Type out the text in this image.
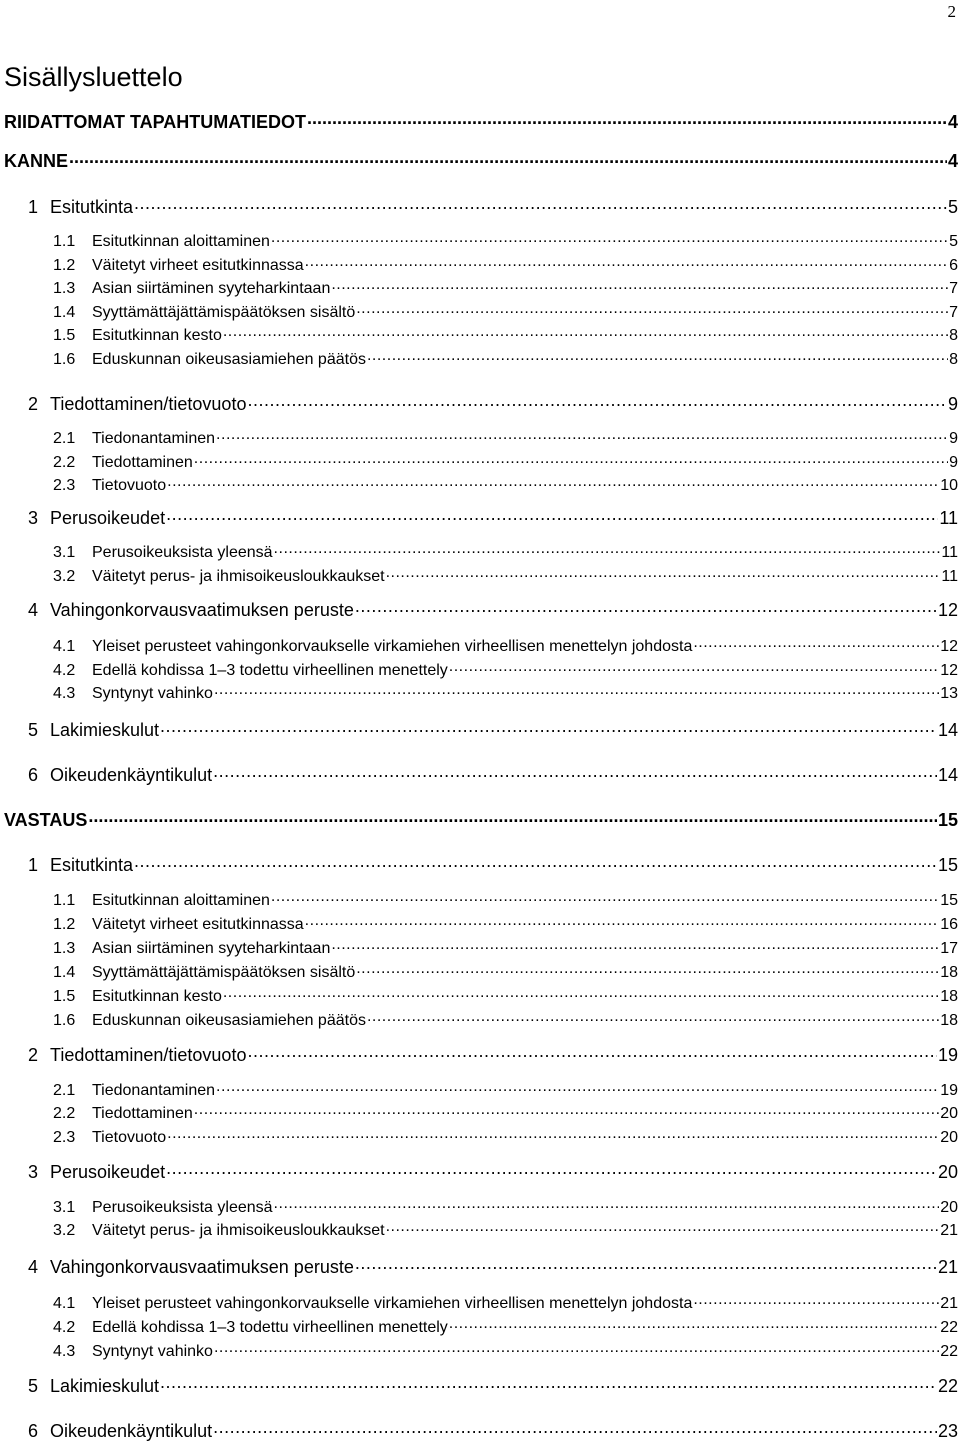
2
Sisällysluettelo
RIIDATTOMAT TAPAHTUMATIEDOT .....	4
KANNE .....	4
1 Esitutkinta .....	5
1.1	Esitutkinnan aloittaminen .....	5
1.2	Väitetyt virheet esitutkinnassa .....	6
1.3	Asian siirtäminen syyteharkintaan .....	7
1.4	Syyttämättäjättämispäätöksen sisältö .....	7
1.5	Esitutkinnan kesto .....	8
1.6	Eduskunnan oikeusasiamiehen päätös .....	8
2 Tiedottaminen/tietovuoto .....	9
2.1	Tiedonantaminen .....	9
2.2	Tiedottaminen .....	9
2.3	Tietovuoto .....	10
3 Perusoikeudet .....	11
3.1	Perusoikeuksista yleensä .....	11
3.2	Väitetyt perus- ja ihmisoikeusloukkaukset .....	11
4 Vahingonkorvausvaatimuksen peruste .....	12
4.1	Yleiset perusteet vahingonkorvaukselle virkamiehen virheellisen menettelyn johdosta .....	12
4.2	Edellä kohdissa 1–3 todettu virheellinen menettely .....	12
4.3	Syntynyt vahinko .....	13
5 Lakimieskulut .....	14
6 Oikeudenkäyntikulut .....	14
VASTAUS .....	15
1 Esitutkinta .....	15
1.1	Esitutkinnan aloittaminen .....	15
1.2	Väitetyt virheet esitutkinnassa .....	16
1.3	Asian siirtäminen syyteharkintaan .....	17
1.4	Syyttämättäjättämispäätöksen sisältö .....	18
1.5	Esitutkinnan kesto .....	18
1.6	Eduskunnan oikeusasiamiehen päätös .....	18
2 Tiedottaminen/tietovuoto .....	19
2.1	Tiedonantaminen .....	19
2.2	Tiedottaminen .....	20
2.3	Tietovuoto .....	20
3 Perusoikeudet .....	20
3.1	Perusoikeuksista yleensä .....	20
3.2	Väitetyt perus- ja ihmisoikeusloukkaukset .....	21
4 Vahingonkorvausvaatimuksen peruste .....	21
4.1	Yleiset perusteet vahingonkorvaukselle virkamiehen virheellisen menettelyn johdosta .....	21
4.2	Edellä kohdissa 1–3 todettu virheellinen menettely .....	22
4.3	Syntynyt vahinko .....	22
5 Lakimieskulut .....	22
6 Oikeudenkäyntikulut .....	23
